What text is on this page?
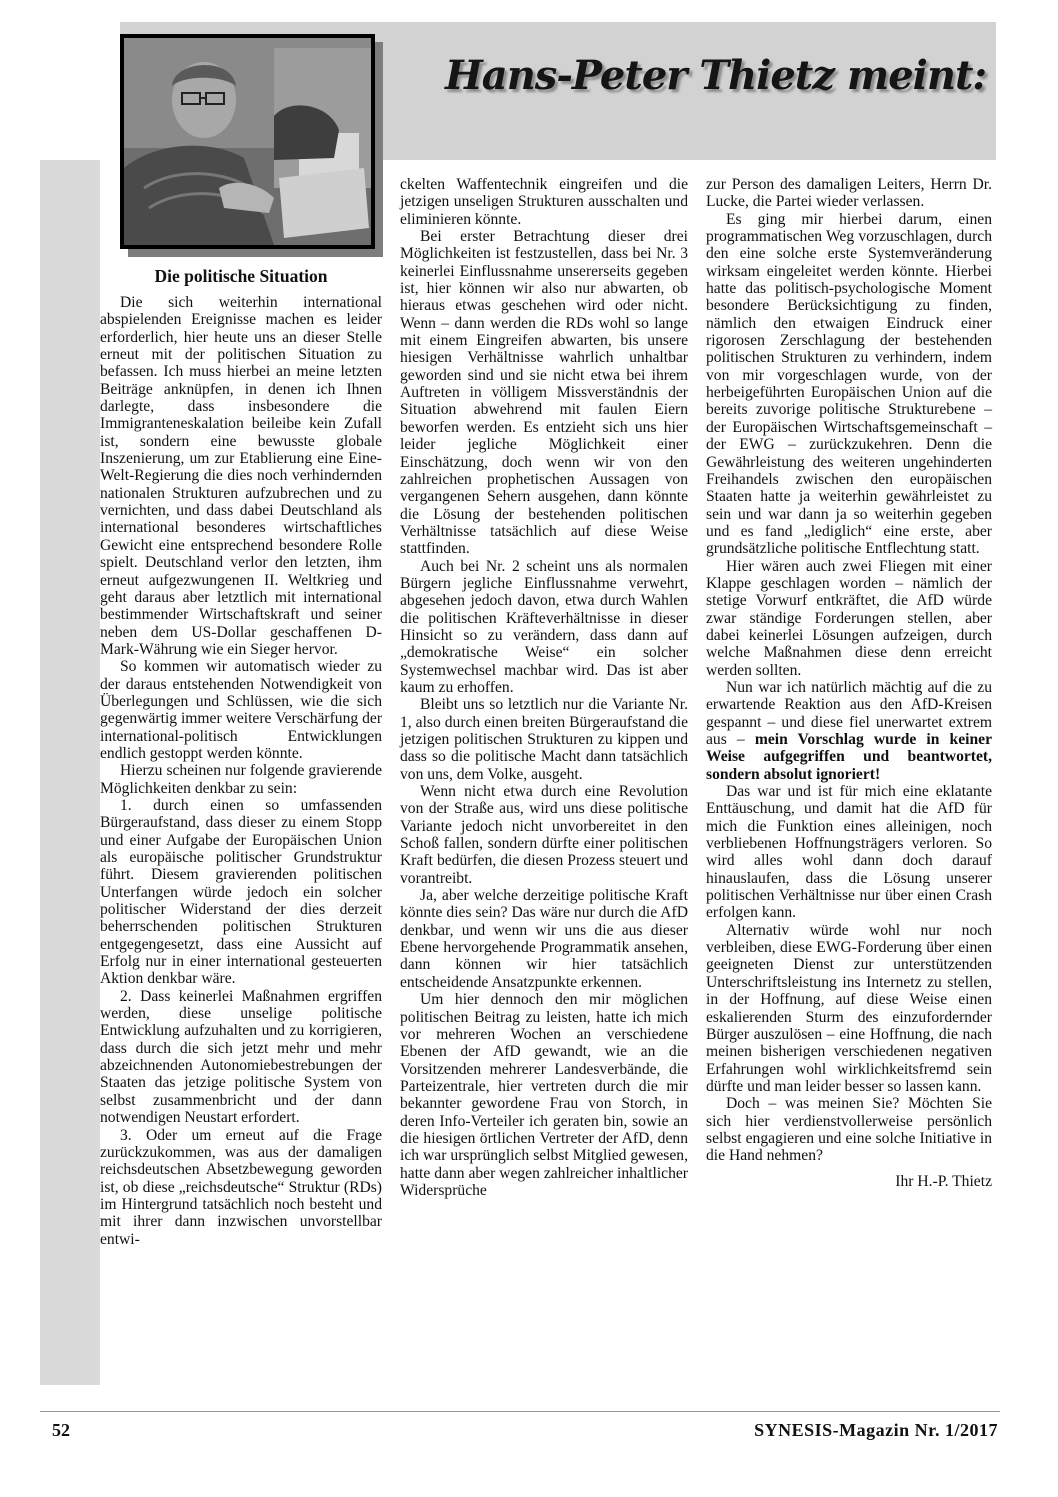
Hans-Peter Thietz meint:
Die politische Situation

Die sich weiterhin international abspielenden Ereignisse machen es leider erforderlich, hier heute uns an dieser Stelle erneut mit der politischen Situation zu befassen. Ich muss hierbei an meine letzten Beiträge anknüpfen, in denen ich Ihnen darlegte, dass insbesondere die Immigranteneskalation beileibe kein Zufall ist, sondern eine bewusste globale Inszenierung, um zur Etablierung eine Eine-Welt-Regierung die dies noch verhindernden nationalen Strukturen aufzubrechen und zu vernichten, und dass dabei Deutschland als international besonderes wirtschaftliches Gewicht eine entsprechend besondere Rolle spielt. Deutschland verlor den letzten, ihm erneut aufgezwungenen II. Weltkrieg und geht daraus aber letztlich mit international bestimmender Wirtschaftskraft und seiner neben dem US-Dollar geschaffenen D-Mark-Währung wie ein Sieger hervor.

So kommen wir automatisch wieder zu der daraus entstehenden Notwendigkeit von Überlegungen und Schlüssen, wie die sich gegenwärtig immer weitere Verschärfung der international-politisch Entwicklungen endlich gestoppt werden könnte.

Hierzu scheinen nur folgende gravierende Möglichkeiten denkbar zu sein:

1. durch einen so umfassenden Bürgeraufstand, dass dieser zu einem Stopp und einer Aufgabe der Europäischen Union als europäische politischer Grundstruktur führt. Diesem gravierenden politischen Unterfangen würde jedoch ein solcher politischer Widerstand der dies derzeit beherrschenden politischen Strukturen entgegengesetzt, dass eine Aussicht auf Erfolg nur in einer international gesteuerten Aktion denkbar wäre.

2. Dass keinerlei Maßnahmen ergriffen werden, diese unselige politische Entwicklung aufzuhalten und zu korrigieren, dass durch die sich jetzt mehr und mehr abzeichnenden Autonomiebestrebungen der Staaten das jetzige politische System von selbst zusammenbricht und der dann notwendigen Neustart erfordert.

3. Oder um erneut auf die Frage zurückzukommen, was aus der damaligen reichsdeutschen Absetzbewegung geworden ist, ob diese „reichsdeutsche“ Struktur (RDs) im Hintergrund tatsächlich noch besteht und mit ihrer dann inzwischen unvorstellbar entwi-

ckelten Waffentechnik eingreifen und die jetzigen unseligen Strukturen ausschalten und eliminieren könnte.

Bei erster Betrachtung dieser drei Möglichkeiten ist festzustellen, dass bei Nr. 3 keinerlei Einflussnahme unsererseits gegeben ist, hier können wir also nur abwarten, ob hieraus etwas geschehen wird oder nicht. Wenn – dann werden die RDs wohl so lange mit einem Eingreifen abwarten, bis unsere hiesigen Verhältnisse wahrlich unhaltbar geworden sind und sie nicht etwa bei ihrem Auftreten in völligem Missverständnis der Situation abwehrend mit faulen Eiern beworfen werden. Es entzieht sich uns hier leider jegliche Möglichkeit einer Einschätzung, doch wenn wir von den zahlreichen prophetischen Aussagen von vergangenen Sehern ausgehen, dann könnte die Lösung der bestehenden politischen Verhältnisse tatsächlich auf diese Weise stattfinden.

Auch bei Nr. 2 scheint uns als normalen Bürgern jegliche Einflussnahme verwehrt, abgesehen jedoch davon, etwa durch Wahlen die politischen Kräfteverhältnisse in dieser Hinsicht so zu verändern, dass dann auf „demokratische Weise“ ein solcher Systemwechsel machbar wird. Das ist aber kaum zu erhoffen.

Bleibt uns so letztlich nur die Variante Nr. 1, also durch einen breiten Bürgeraufstand die jetzigen politischen Strukturen zu kippen und dass so die politische Macht dann tatsächlich von uns, dem Volke, ausgeht.

Wenn nicht etwa durch eine Revolution von der Straße aus, wird uns diese politische Variante jedoch nicht unvorbereitet in den Schoß fallen, sondern dürfte einer politischen Kraft bedürfen, die diesen Prozess steuert und vorantreibt.

Ja, aber welche derzeitige politische Kraft könnte dies sein? Das wäre nur durch die AfD denkbar, und wenn wir uns die aus dieser Ebene hervorgehende Programmatik ansehen, dann können wir hier tatsächlich entscheidende Ansatzpunkte erkennen.

Um hier dennoch den mir möglichen politischen Beitrag zu leisten, hatte ich mich vor mehreren Wochen an verschiedene Ebenen der AfD gewandt, wie an die Vorsitzenden mehrerer Landesverbände, die Parteizentrale, hier vertreten durch die mir bekannter gewordene Frau von Storch, in deren Info-Verteiler ich geraten bin, sowie an die hiesigen örtlichen Vertreter der AfD, denn ich war ursprünglich selbst Mitglied gewesen, hatte dann aber wegen zahlreicher inhaltlicher Widersprüche

zur Person des damaligen Leiters, Herrn Dr. Lucke, die Partei wieder verlassen.

Es ging mir hierbei darum, einen programmatischen Weg vorzuschlagen, durch den eine solche erste Systemveränderung wirksam eingeleitet werden könnte. Hierbei hatte das politisch-psychologische Moment besondere Berücksichtigung zu finden, nämlich den etwaigen Eindruck einer rigorosen Zerschlagung der bestehenden politischen Strukturen zu verhindern, indem von mir vorgeschlagen wurde, von der herbeigeführten Europäischen Union auf die bereits zuvorige politische Strukturebene – der Europäischen Wirtschaftsgemeinschaft – der EWG – zurückzukehren. Denn die Gewährleistung des weiteren ungehinderten Freihandels zwischen den europäischen Staaten hatte ja weiterhin gewährleistet zu sein und war dann ja so weiterhin gegeben und es fand „lediglich“ eine erste, aber grundsätzliche politische Entflechtung statt.

Hier wären auch zwei Fliegen mit einer Klappe geschlagen worden – nämlich der stetige Vorwurf entkräftet, die AfD würde zwar ständige Forderungen stellen, aber dabei keinerlei Lösungen aufzeigen, durch welche Maßnahmen diese denn erreicht werden sollten.

Nun war ich natürlich mächtig auf die zu erwartende Reaktion aus den AfD-Kreisen gespannt – und diese fiel unerwartet extrem aus – mein Vorschlag wurde in keiner Weise aufgegriffen und beantwortet, sondern absolut ignoriert!

Das war und ist für mich eine eklatante Enttäuschung, und damit hat die AfD für mich die Funktion eines alleinigen, noch verbliebenen Hoffnungsträgers verloren. So wird alles wohl dann doch darauf hinauslaufen, dass die Lösung unserer politischen Verhältnisse nur über einen Crash erfolgen kann.

Alternativ würde wohl nur noch verbleiben, diese EWG-Forderung über einen geeigneten Dienst zur unterstützenden Unterschriftsleistung ins Internetz zu stellen, in der Hoffnung, auf diese Weise einen eskalierenden Sturm des einzufordernder Bürger auszulösen – eine Hoffnung, die nach meinen bisherigen verschiedenen negativen Erfahrungen wohl wirklichkeitsfremd sein dürfte und man leider besser so lassen kann.

Doch – was meinen Sie? Möchten Sie sich hier verdienstvollerweise persönlich selbst engagieren und eine solche Initiative in die Hand nehmen?

Ihr H.-P. Thietz

52	SYNESIS-Magazin Nr. 1/2017
